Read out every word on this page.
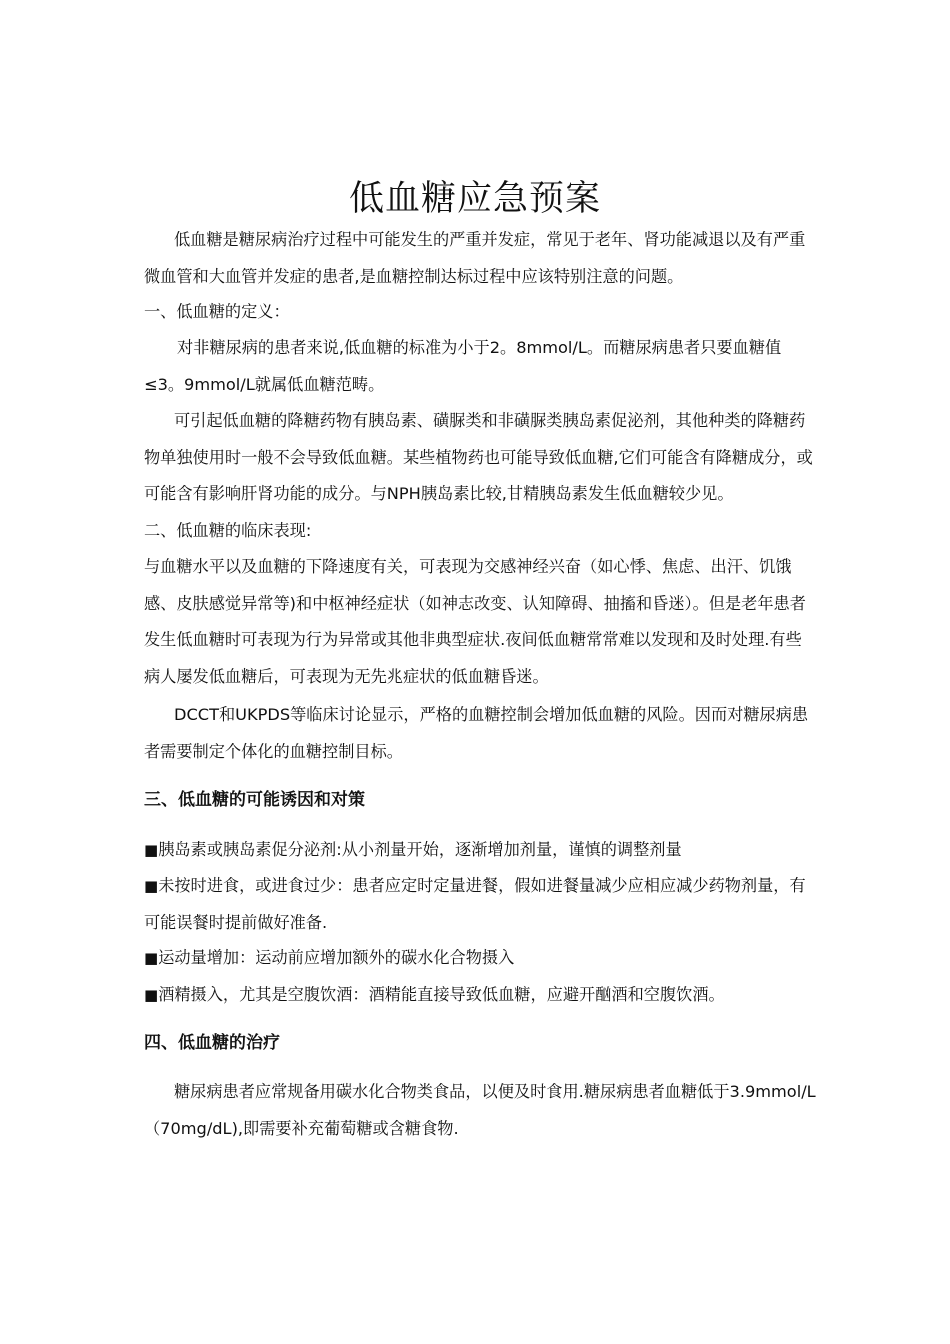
低血糖应急预案

低血糖是糖尿病治疗过程中可能发生的严重并发症，常见于老年、肾功能减退以及有严重微血管和大血管并发症的患者,是血糖控制达标过程中应该特别注意的问题。

一、低血糖的定义：

对非糖尿病的患者来说,低血糖的标准为小于2。8mmol/L。而糖尿病患者只要血糖值≤3。9mmol/L就属低血糖范畴。

可引起低血糖的降糖药物有胰岛素、磺脲类和非磺脲类胰岛素促泌剂，其他种类的降糖药物单独使用时一般不会导致低血糖。某些植物药也可能导致低血糖,它们可能含有降糖成分，或可能含有影响肝肾功能的成分。与NPH胰岛素比较,甘精胰岛素发生低血糖较少见。

二、低血糖的临床表现:

与血糖水平以及血糖的下降速度有关，可表现为交感神经兴奋（如心悸、焦虑、出汗、饥饿感、皮肤感觉异常等)和中枢神经症状（如神志改变、认知障碍、抽搐和昏迷）。但是老年患者发生低血糖时可表现为行为异常或其他非典型症状.夜间低血糖常常难以发现和及时处理.有些病人屡发低血糖后，可表现为无先兆症状的低血糖昏迷。

DCCT和UKPDS等临床讨论显示，严格的血糖控制会增加低血糖的风险。因而对糖尿病患者需要制定个体化的血糖控制目标。

三、低血糖的可能诱因和对策

■胰岛素或胰岛素促分泌剂:从小剂量开始，逐渐增加剂量，谨慎的调整剂量

■未按时进食，或进食过少：患者应定时定量进餐，假如进餐量减少应相应减少药物剂量，有可能误餐时提前做好准备.

■运动量增加：运动前应增加额外的碳水化合物摄入

■酒精摄入，尤其是空腹饮酒：酒精能直接导致低血糖，应避开酗酒和空腹饮酒。

四、低血糖的治疗

糖尿病患者应常规备用碳水化合物类食品，以便及时食用.糖尿病患者血糖低于3.9mmol/L（70mg/dL),即需要补充葡萄糖或含糖食物.
